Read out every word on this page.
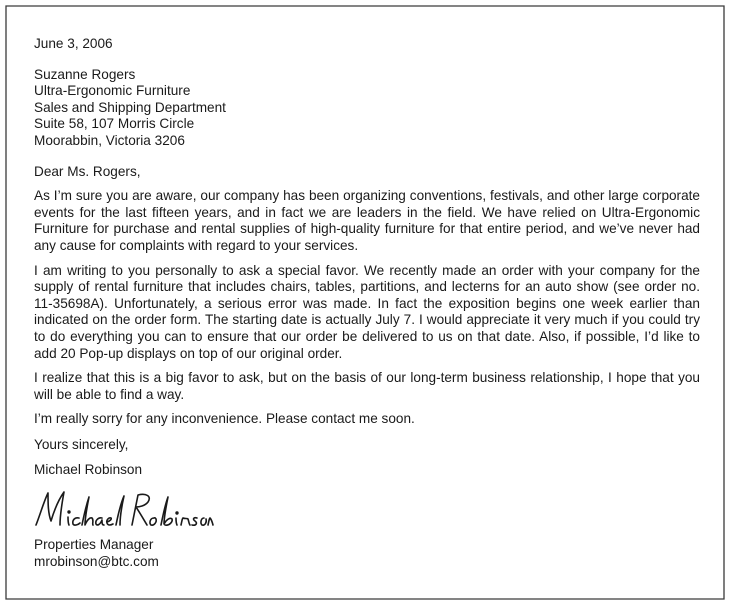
June 3, 2006
Suzanne Rogers
Ultra-Ergonomic Furniture
Sales and Shipping Department
Suite 58, 107 Morris Circle
Moorabbin, Victoria 3206
Dear Ms. Rogers,

As I’m sure you are aware, our company has been organizing conventions, festivals, and other large corporate events for the last fifteen years, and in fact we are leaders in the field. We have relied on Ultra-Ergonomic Furniture for purchase and rental supplies of high-quality furniture for that entire period, and we’ve never had any cause for complaints with regard to your services.

I am writing to you personally to ask a special favor. We recently made an order with your company for the supply of rental furniture that includes chairs, tables, partitions, and lecterns for an auto show (see order no. 11-35698A). Unfortunately, a serious error was made. In fact the exposition begins one week earlier than indicated on the order form. The starting date is actually July 7. I would appreciate it very much if you could try to do everything you can to ensure that our order be delivered to us on that date. Also, if possible, I’d like to add 20 Pop-up displays on top of our original order.

I realize that this is a big favor to ask, but on the basis of our long-term business relationship, I hope that you will be able to find a way.

I’m really sorry for any inconvenience. Please contact me soon.

Yours sincerely,
Michael Robinson
Properties Manager
mrobinson@btc.com
